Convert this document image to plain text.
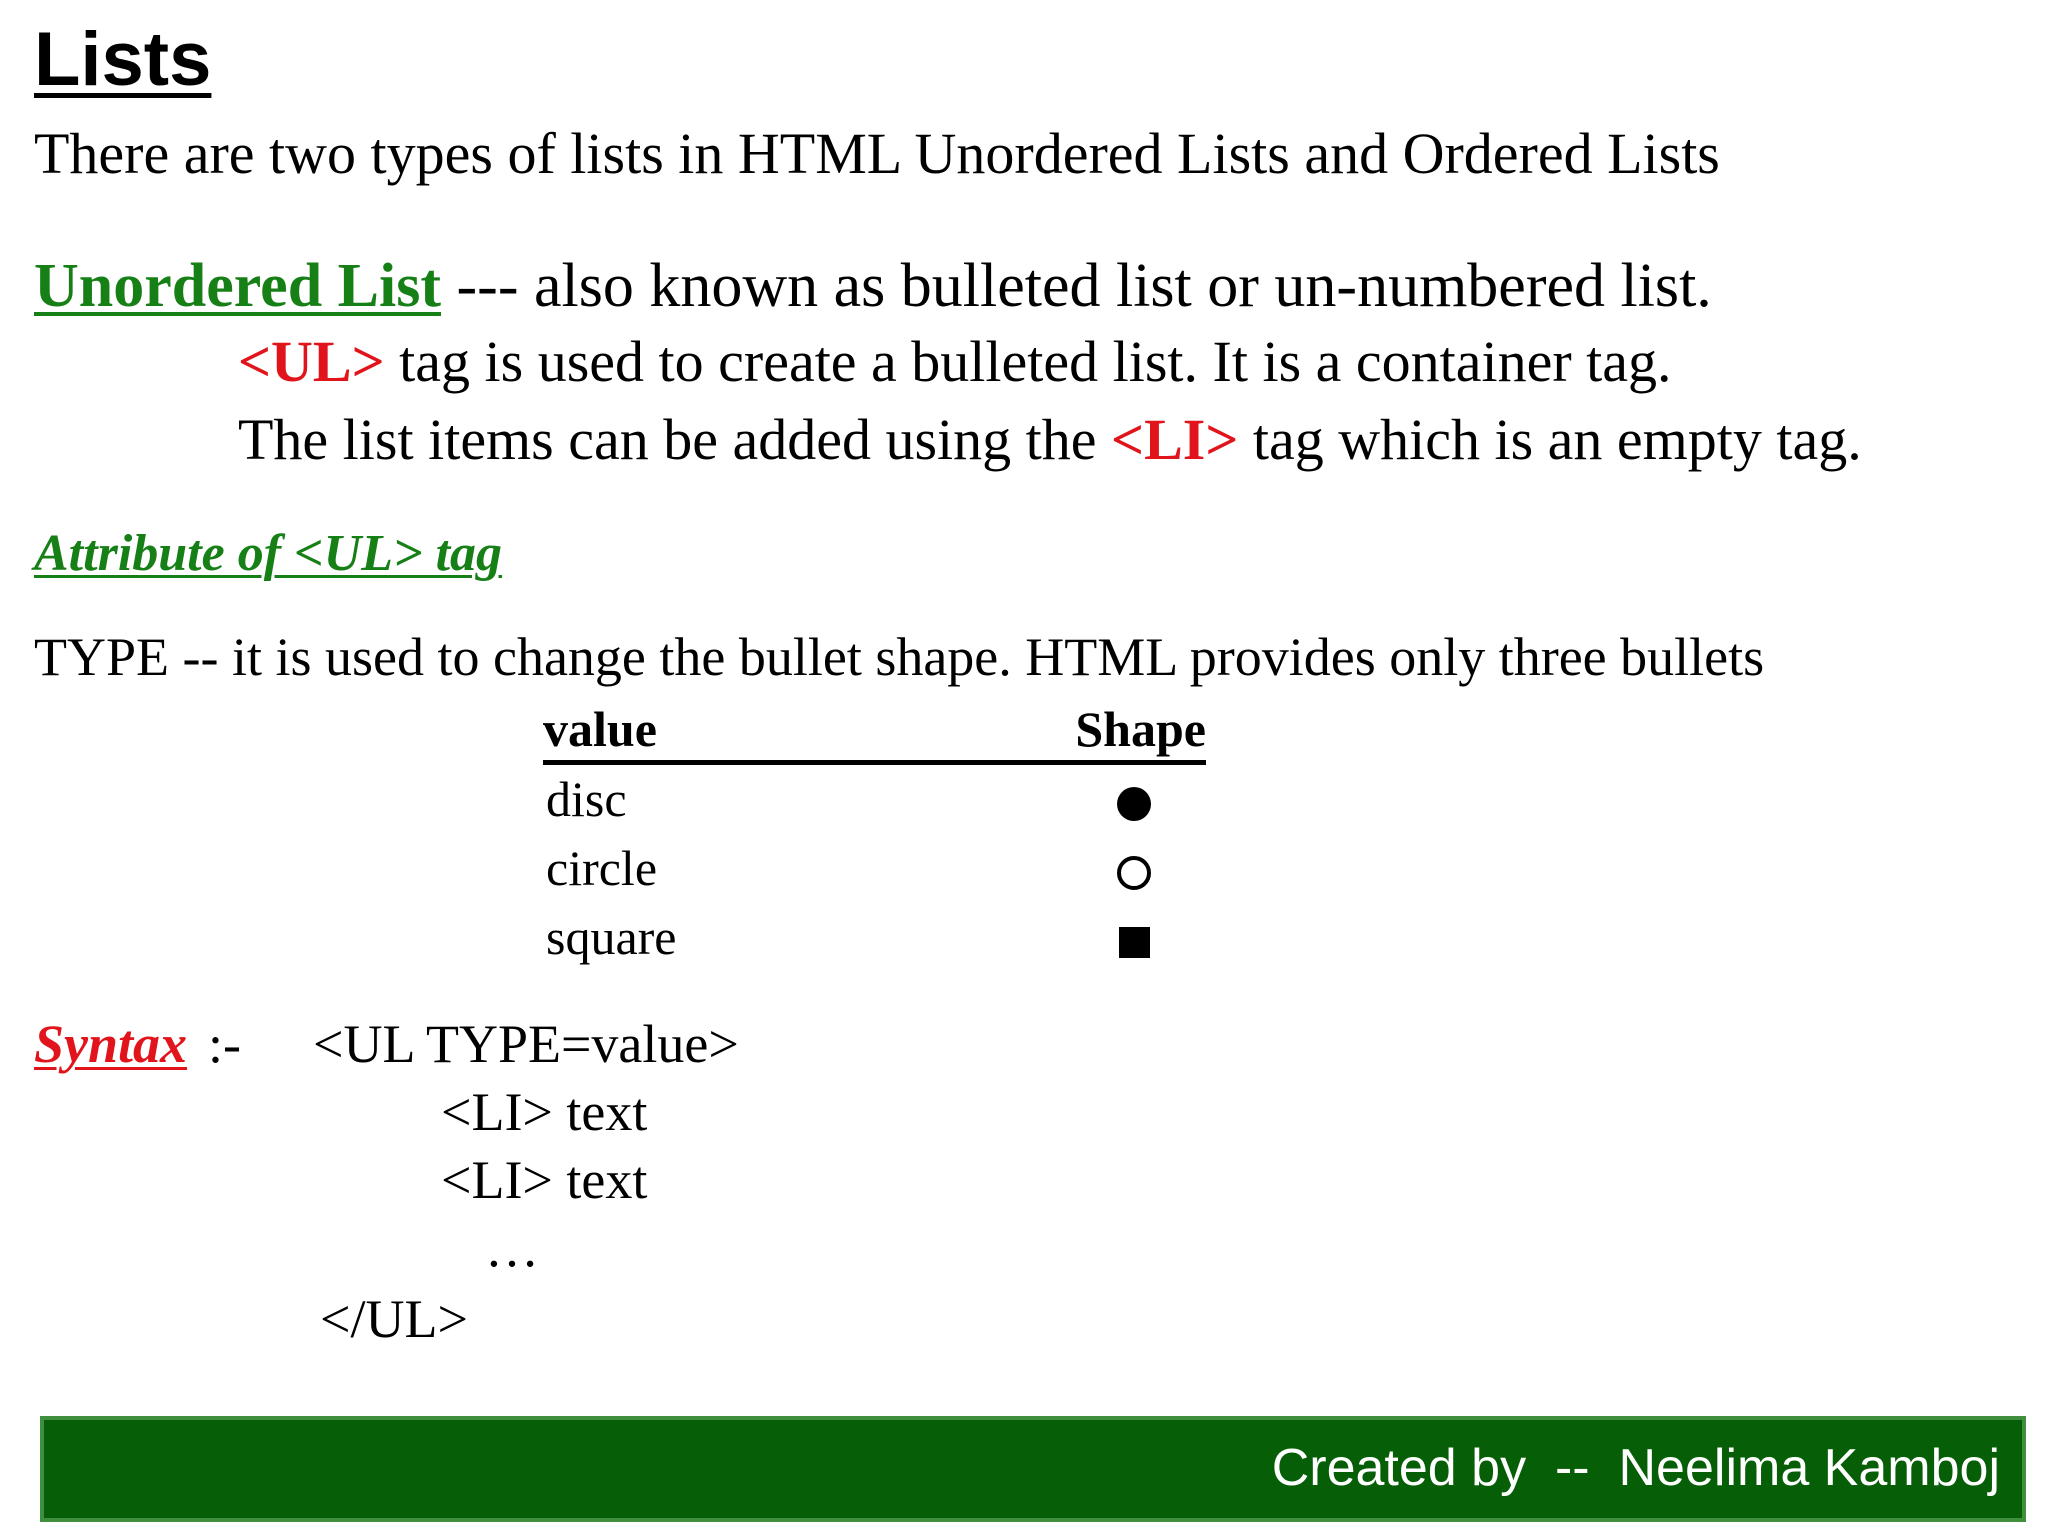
Lists
There are two types of lists in HTML Unordered Lists and Ordered Lists
Unordered List --- also known as bulleted list or un-numbered list.
<UL> tag is used to create a bulleted list. It is a container tag.
The list items can be added using the <LI> tag which is an empty tag.
Attribute of <UL> tag
TYPE -- it is used to change the bullet shape. HTML provides only three bullets
value	Shape
disc
circle
square
Syntax :- <UL TYPE=value>
<LI> text
<LI> text
…
</UL>
Created by  --  Neelima Kamboj
